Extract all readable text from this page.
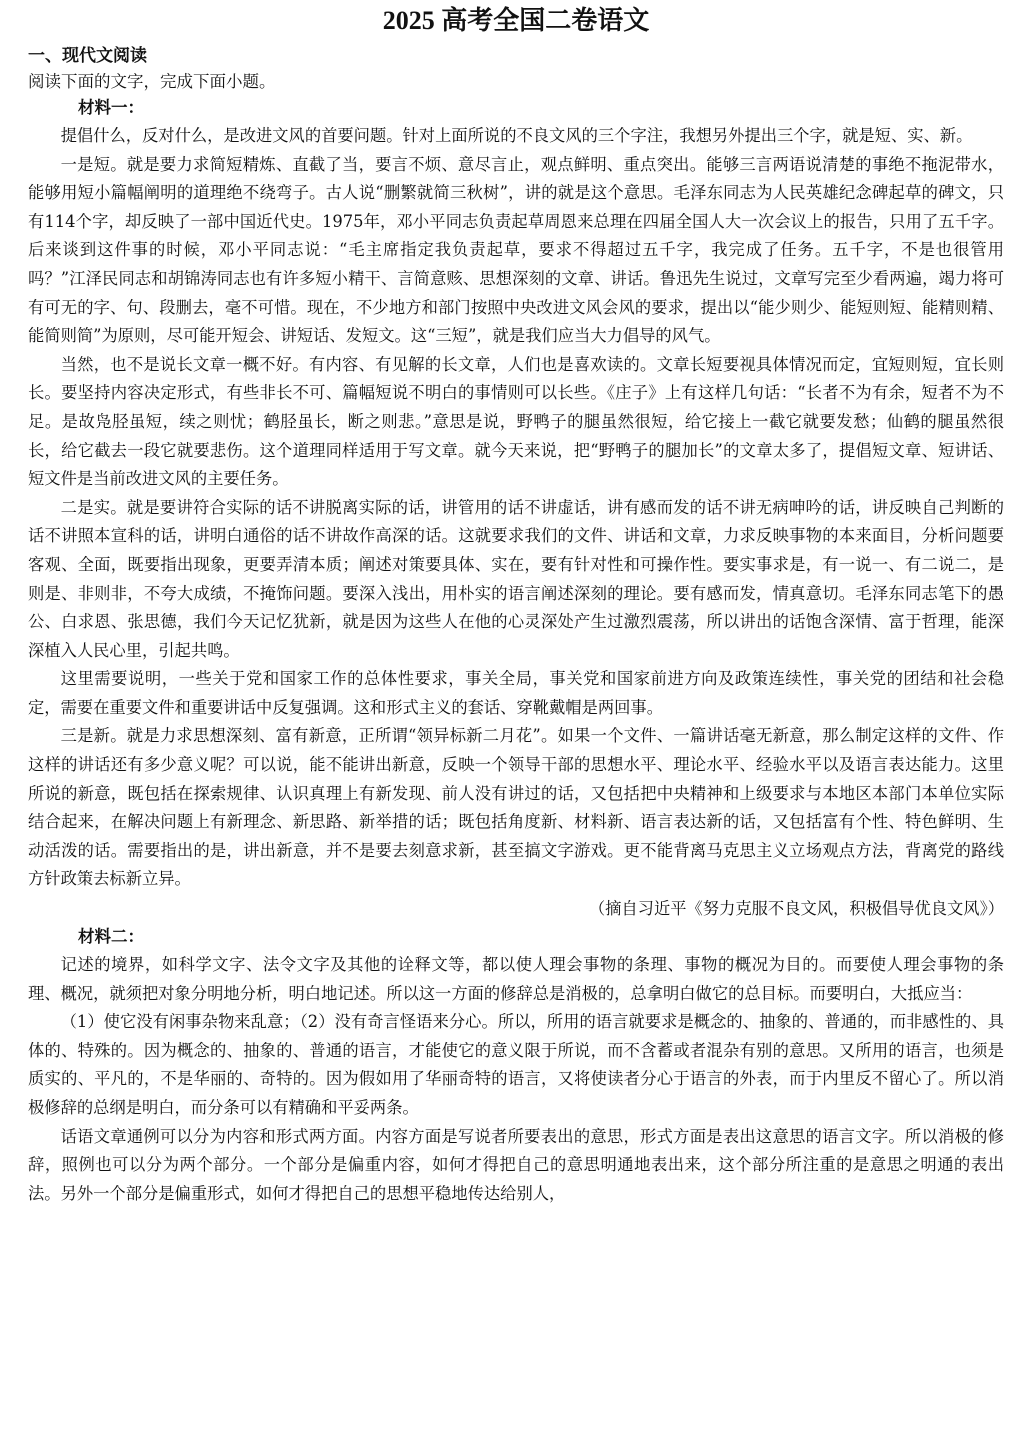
2025 高考全国二卷语文
一、现代文阅读
阅读下面的文字，完成下面小题。
材料一：

提倡什么，反对什么，是改进文风的首要问题。针对上面所说的不良文风的三个字注，我想另外提出三个字，就是短、实、新。

一是短。就是要力求简短精炼、直截了当，要言不烦、意尽言止，观点鲜明、重点突出。能够三言两语说清楚的事绝不拖泥带水，能够用短小篇幅阐明的道理绝不绕弯子。古人说“删繁就简三秋树”，讲的就是这个意思。毛泽东同志为人民英雄纪念碑起草的碑文，只有114个字，却反映了一部中国近代史。1975年，邓小平同志负责起草周恩来总理在四届全国人大一次会议上的报告，只用了五千字。后来谈到这件事的时候，邓小平同志说：“毛主席指定我负责起草，要求不得超过五千字，我完成了任务。五千字，不是也很管用吗？”江泽民同志和胡锦涛同志也有许多短小精干、言简意赅、思想深刻的文章、讲话。鲁迅先生说过，文章写完至少看两遍，竭力将可有可无的字、句、段删去，毫不可惜。现在，不少地方和部门按照中央改进文风会风的要求，提出以“能少则少、能短则短、能精则精、能简则简”为原则，尽可能开短会、讲短话、发短文。这“三短”，就是我们应当大力倡导的风气。

当然，也不是说长文章一概不好。有内容、有见解的长文章，人们也是喜欢读的。文章长短要视具体情况而定，宜短则短，宜长则长。要坚持内容决定形式，有些非长不可、篇幅短说不明白的事情则可以长些。《庄子》上有这样几句话：“长者不为有余，短者不为不足。是故凫胫虽短，续之则忧；鹤胫虽长，断之则悲。”意思是说，野鸭子的腿虽然很短，给它接上一截它就要发愁；仙鹤的腿虽然很长，给它截去一段它就要悲伤。这个道理同样适用于写文章。就今天来说，把“野鸭子的腿加长”的文章太多了，提倡短文章、短讲话、短文件是当前改进文风的主要任务。

二是实。就是要讲符合实际的话不讲脱离实际的话，讲管用的话不讲虚话，讲有感而发的话不讲无病呻吟的话，讲反映自己判断的话不讲照本宣科的话，讲明白通俗的话不讲故作高深的话。这就要求我们的文件、讲话和文章，力求反映事物的本来面目，分析问题要客观、全面，既要指出现象，更要弄清本质；阐述对策要具体、实在，要有针对性和可操作性。要实事求是，有一说一、有二说二，是则是、非则非，不夸大成绩，不掩饰问题。要深入浅出，用朴实的语言阐述深刻的理论。要有感而发，情真意切。毛泽东同志笔下的愚公、白求恩、张思德，我们今天记忆犹新，就是因为这些人在他的心灵深处产生过激烈震荡，所以讲出的话饱含深情、富于哲理，能深深植入人民心里，引起共鸣。

这里需要说明，一些关于党和国家工作的总体性要求，事关全局，事关党和国家前进方向及政策连续性，事关党的团结和社会稳定，需要在重要文件和重要讲话中反复强调。这和形式主义的套话、穿靴戴帽是两回事。

三是新。就是力求思想深刻、富有新意，正所谓“领异标新二月花”。如果一个文件、一篇讲话毫无新意，那么制定这样的文件、作这样的讲话还有多少意义呢？可以说，能不能讲出新意，反映一个领导干部的思想水平、理论水平、经验水平以及语言表达能力。这里所说的新意，既包括在探索规律、认识真理上有新发现、前人没有讲过的话，又包括把中央精神和上级要求与本地区本部门本单位实际结合起来，在解决问题上有新理念、新思路、新举措的话；既包括角度新、材料新、语言表达新的话，又包括富有个性、特色鲜明、生动活泼的话。需要指出的是，讲出新意，并不是要去刻意求新，甚至搞文字游戏。更不能背离马克思主义立场观点方法，背离党的路线方针政策去标新立异。

（摘自习近平《努力克服不良文风，积极倡导优良文风》）

材料二：

记述的境界，如科学文字、法令文字及其他的诠释文等，都以使人理会事物的条理、事物的概况为目的。而要使人理会事物的条理、概况，就须把对象分明地分析，明白地记述。所以这一方面的修辞总是消极的，总拿明白做它的总目标。而要明白，大抵应当：

（1）使它没有闲事杂物来乱意；（2）没有奇言怪语来分心。所以，所用的语言就要求是概念的、抽象的、普通的，而非感性的、具体的、特殊的。因为概念的、抽象的、普通的语言，才能使它的意义限于所说，而不含蓄或者混杂有别的意思。又所用的语言，也须是质实的、平凡的，不是华丽的、奇特的。因为假如用了华丽奇特的语言，又将使读者分心于语言的外表，而于内里反不留心了。所以消极修辞的总纲是明白，而分条可以有精确和平妥两条。

话语文章通例可以分为内容和形式两方面。内容方面是写说者所要表出的意思，形式方面是表出这意思的语言文字。所以消极的修辞，照例也可以分为两个部分。一个部分是偏重内容，如何才得把自己的意思明通地表出来，这个部分所注重的是意思之明通的表出法。另外一个部分是偏重形式，如何才得把自己的思想平稳地传达给别人，
